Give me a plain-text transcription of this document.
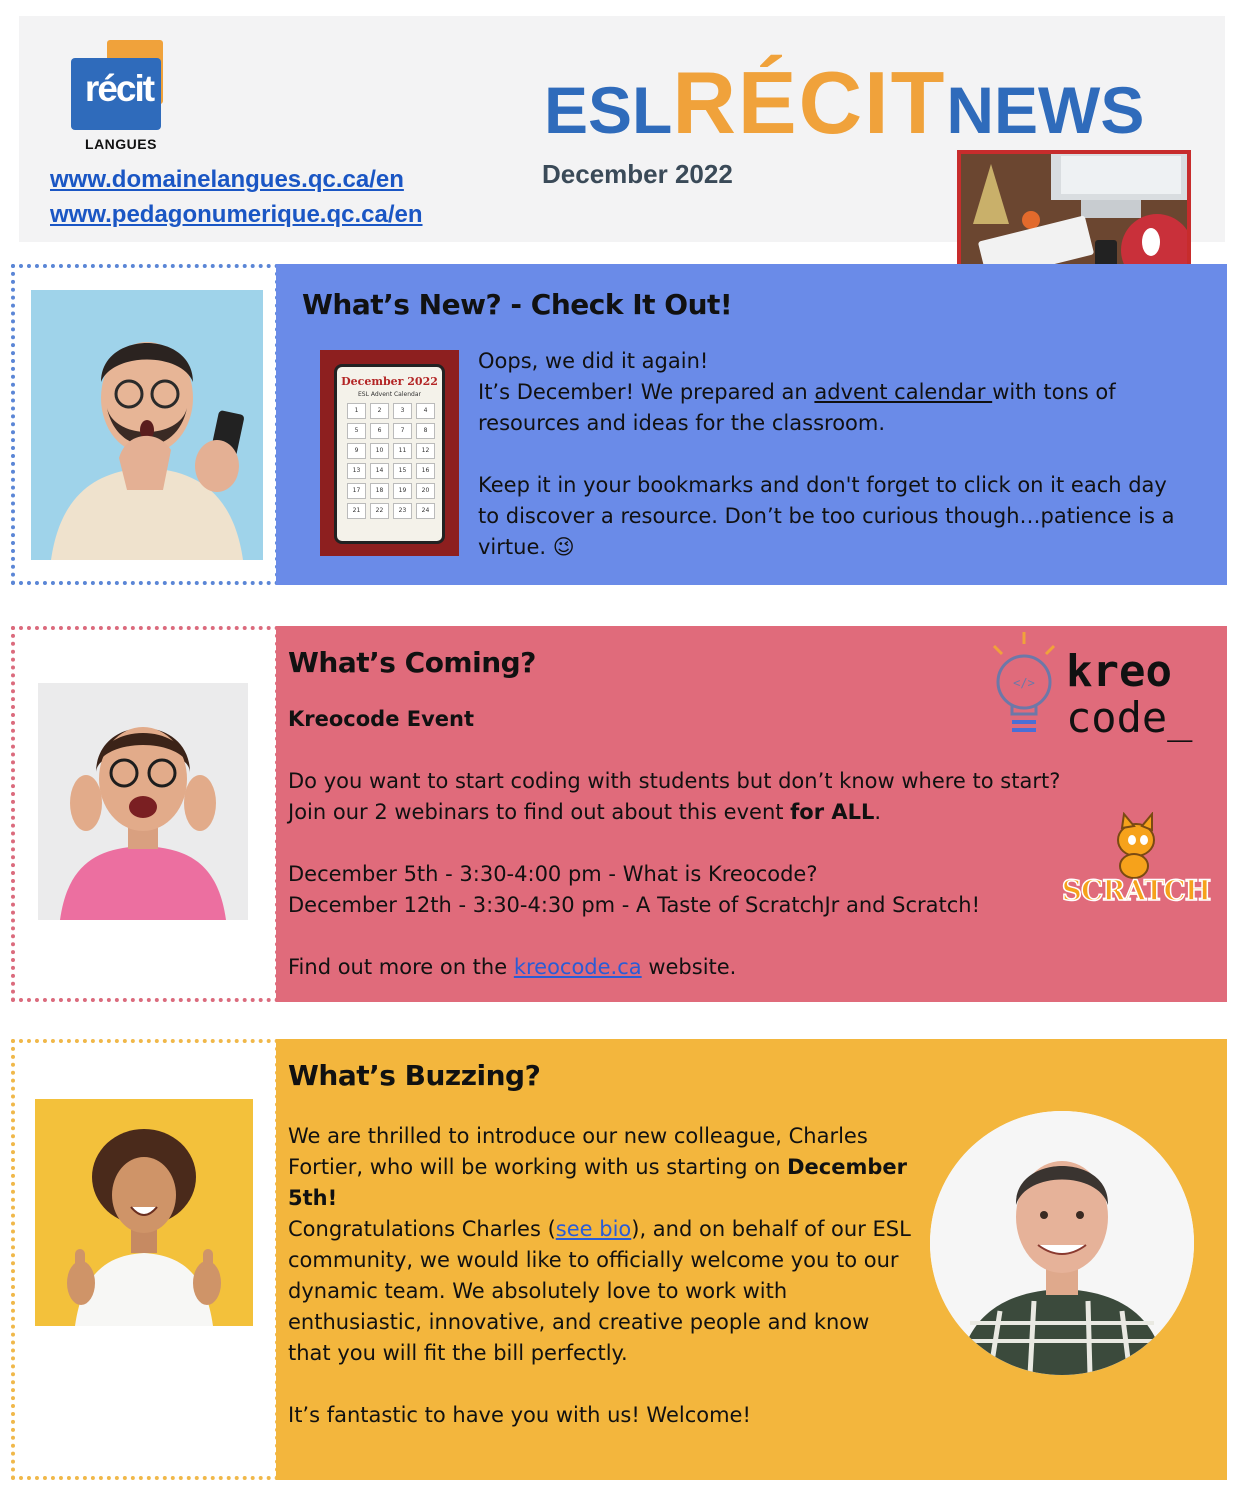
récit
LANGUES
www.domainelangues.qc.ca/en
www.pedagonumerique.qc.ca/en
ESLRÉCITNEWS
December 2022
What’s New? - Check It Out!
December 2022
ESL Advent Calendar
1	2	3	4
5	6	7	8
9	10	11	12
13	14	15	16
17	18	19	20
21	22	23	24
Oops, we did it again!
It’s December! We prepared an advent calendar with tons of
resources and ideas for the classroom.
Keep it in your bookmarks and don't forget to click on it each day
to discover a resource. Don’t be too curious though…patience is a
virtue. 😉
What’s Coming?
Kreocode Event
Do you want to start coding with students but don’t know where to start?
Join our 2 webinars to find out about this event for ALL.
December 5th - 3:30-4:00 pm - What is Kreocode?
December 12th - 3:30-4:30 pm - A Taste of ScratchJr and Scratch!
Find out more on the kreocode.ca website.
</> kreo
code_
SCRATCH
What’s Buzzing?
We are thrilled to introduce our new colleague, Charles
Fortier, who will be working with us starting on December
5th!
Congratulations Charles (see bio), and on behalf of our ESL
community, we would like to officially welcome you to our
dynamic team. We absolutely love to work with
enthusiastic, innovative, and creative people and know
that you will fit the bill perfectly.
It’s fantastic to have you with us! Welcome!
